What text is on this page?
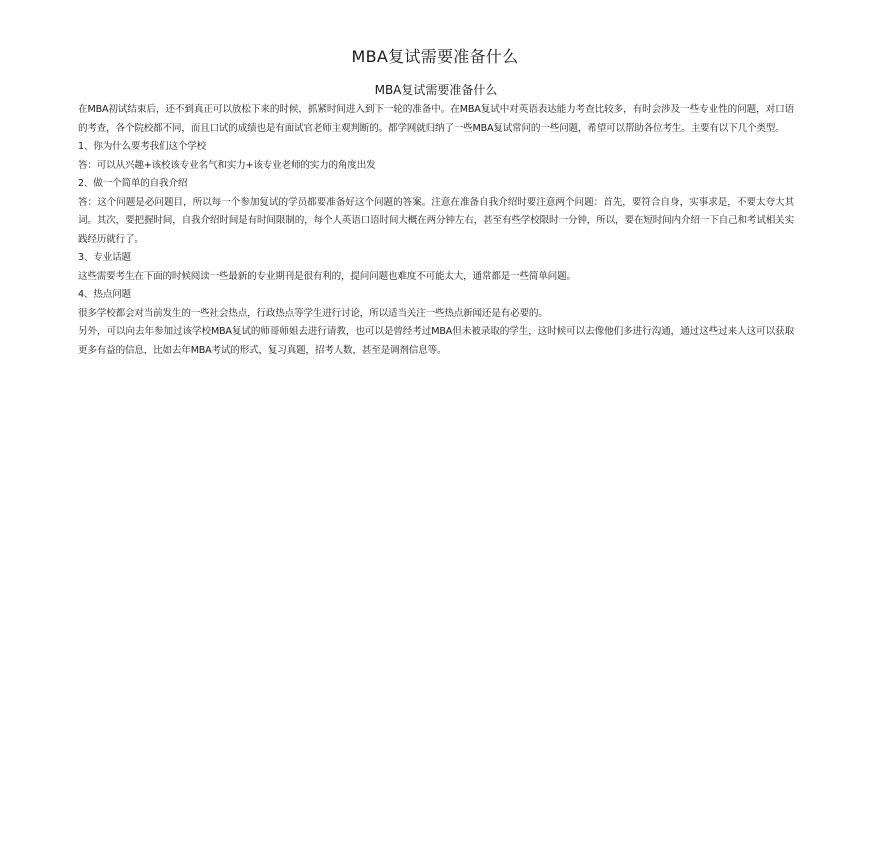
MBA复试需要准备什么
MBA复试需要准备什么

在MBA初试结束后，还不到真正可以放松下来的时候，抓紧时间进入到下一轮的准备中。在MBA复试中对英语表达能力考查比较多，有时会涉及一些专业性的问题，对口语的考查，各个院校都不同，而且口试的成绩也是有面试官老师主观判断的。都学网就归纳了一些MBA复试常问的一些问题，希望可以帮助各位考生。主要有以下几个类型。

1、你为什么要考我们这个学校

答：可以从兴趣+该校该专业名气和实力+该专业老师的实力的角度出发

2、做一个简单的自我介绍

答：这个问题是必问题目，所以每一个参加复试的学员都要准备好这个问题的答案。注意在准备自我介绍时要注意两个问题：首先，要符合自身，实事求是，不要太夸大其词。其次，要把握时间，自我介绍时间是有时间限制的，每个人英语口语时间大概在两分钟左右，甚至有些学校限时一分钟，所以，要在短时间内介绍一下自己和考试相关实践经历就行了。

3、专业话题

这些需要考生在下面的时候阅读一些最新的专业期刊是很有利的，提问问题也难度不可能太大，通常都是一些简单问题。

4、热点问题

很多学校都会对当前发生的一些社会热点，行政热点等学生进行讨论，所以适当关注一些热点新闻还是有必要的。

另外，可以向去年参加过该学校MBA复试的师哥师姐去进行请教，也可以是曾经考过MBA但未被录取的学生，这时候可以去像他们多进行沟通，通过这些过来人这可以获取更多有益的信息，比如去年MBA考试的形式，复习真题，招考人数，甚至是调剂信息等。
